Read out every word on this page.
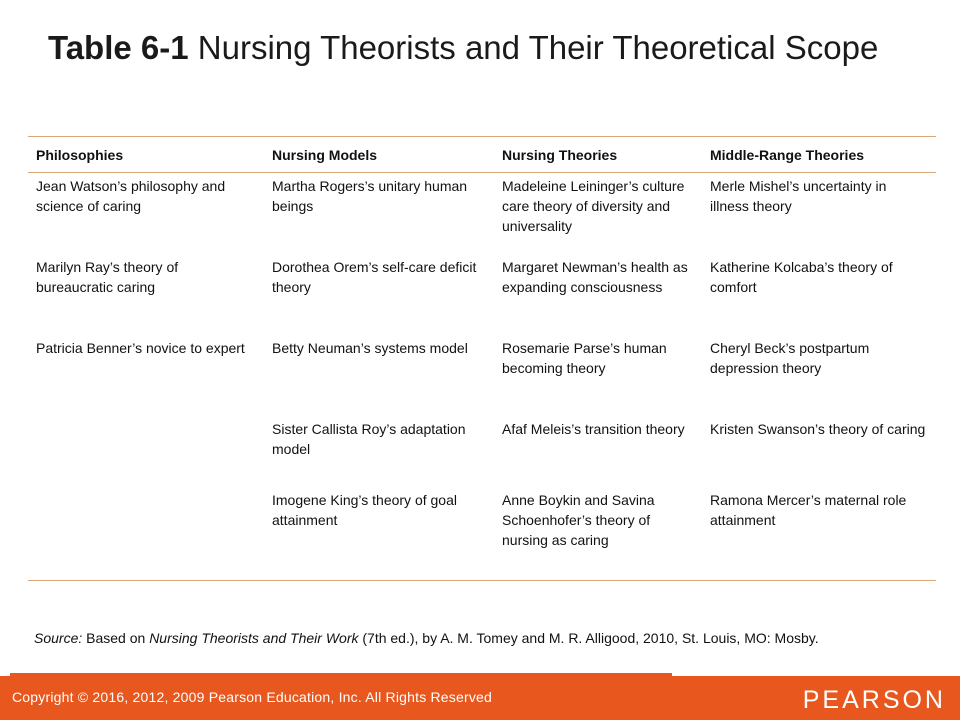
Table 6-1 Nursing Theorists and Their Theoretical Scope
Philosophies	Nursing Models	Nursing Theories	Middle-Range Theories
Jean Watson’s philosophy and science of caring	Martha Rogers’s unitary human beings	Madeleine Leininger’s culture care theory of diversity and universality	Merle Mishel’s uncertainty in illness theory
Marilyn Ray’s theory of bureaucratic caring	Dorothea Orem’s self-care deficit theory	Margaret Newman’s health as expanding consciousness	Katherine Kolcaba’s theory of comfort
Patricia Benner’s novice to expert	Betty Neuman’s systems model	Rosemarie Parse’s human becoming theory	Cheryl Beck’s postpartum depression theory
	Sister Callista Roy’s adaptation model	Afaf Meleis’s transition theory	Kristen Swanson’s theory of caring
	Imogene King’s theory of goal attainment	Anne Boykin and Savina Schoenhofer’s theory of nursing as caring	Ramona Mercer’s maternal role attainment
Source: Based on Nursing Theorists and Their Work (7th ed.), by A. M. Tomey and M. R. Alligood, 2010, St. Louis, MO: Mosby.
Copyright © 2016, 2012, 2009 Pearson Education, Inc. All Rights Reserved	PEARSON
